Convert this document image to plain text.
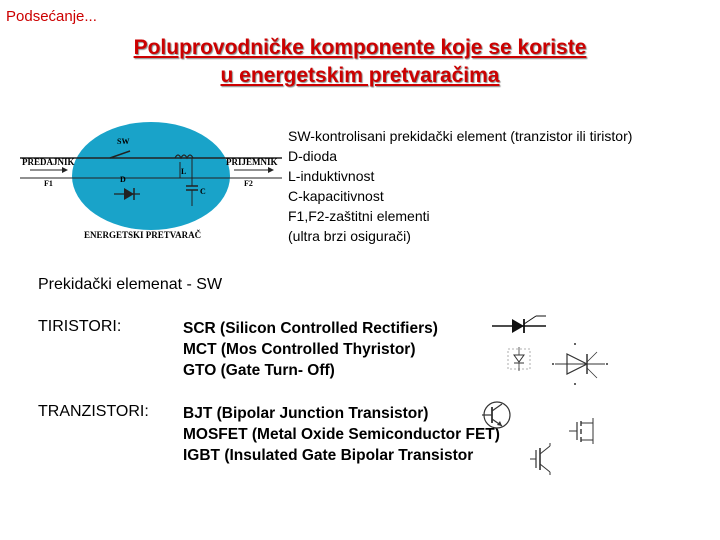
Podsećanje...
Poluprovodničke komponente koje se koriste
u energetskim pretvaračima
PREDAJNIK	PRIJEMNIK
ENERGETSKI PRETVARAČ
SW
D
L
C
F1	F2
SW-kontrolisani prekidački element (tranzistor ili tiristor)
D-dioda
L-induktivnost
C-kapacitivnost
F1,F2-zaštitni elementi
(ultra brzi osigurači)
Prekidački elemenat - SW
TIRISTORI:	SCR (Silicon Controlled Rectifiers)
MCT (Mos Controlled Thyristor)
GTO (Gate Turn- Off)
TRANZISTORI: BJT (Bipolar Junction Transistor)
MOSFET (Metal Oxide Semiconductor FET)
IGBT (Insulated Gate Bipolar Transistor
